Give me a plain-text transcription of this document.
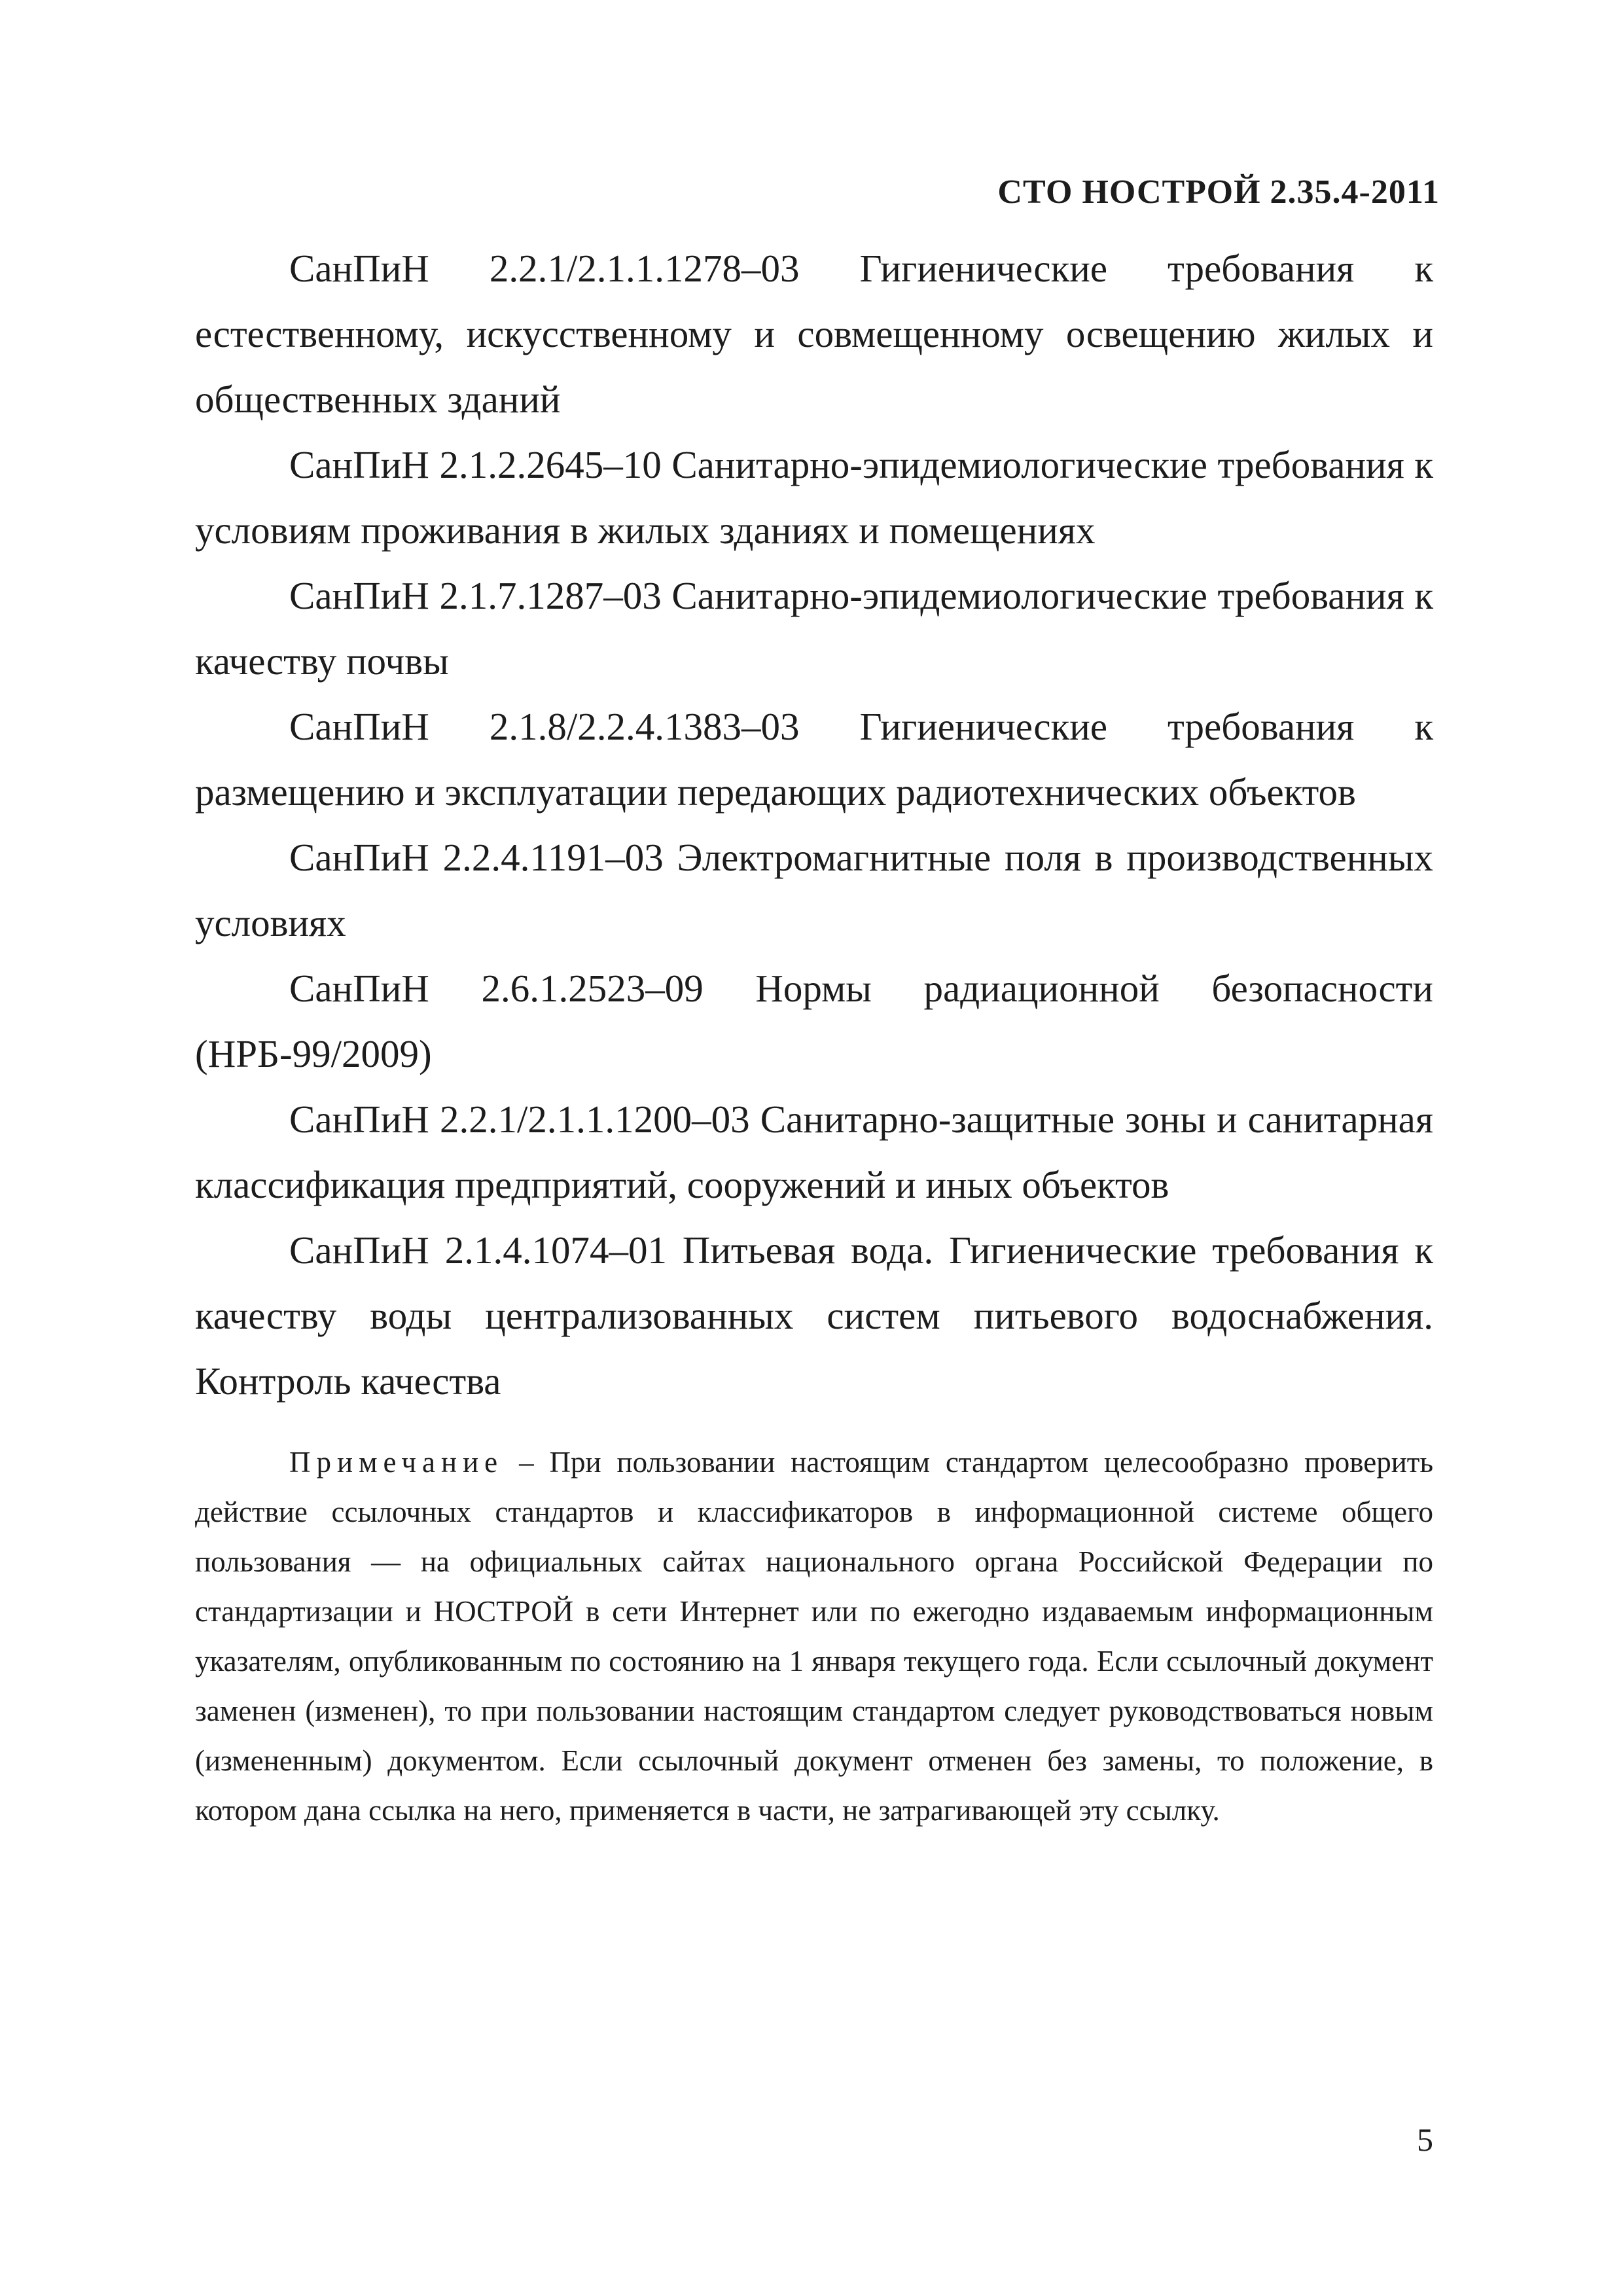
СТО НОСТРОЙ 2.35.4-2011

СанПиН 2.2.1/2.1.1.1278–03 Гигиенические требования к естественному, искусственному и совмещенному освещению жилых и общественных зданий

СанПиН 2.1.2.2645–10 Санитарно-эпидемиологические требования к условиям проживания в жилых зданиях и помещениях

СанПиН 2.1.7.1287–03 Санитарно-эпидемиологические требования к качеству почвы

СанПиН 2.1.8/2.2.4.1383–03 Гигиенические требования к размещению и эксплуатации передающих радиотехнических объектов

СанПиН 2.2.4.1191–03 Электромагнитные поля в производственных условиях

СанПиН 2.6.1.2523–09 Нормы радиационной безопасности (НРБ-99/2009)

СанПиН 2.2.1/2.1.1.1200–03 Санитарно-защитные зоны и санитарная классификация предприятий, сооружений и иных объектов

СанПиН 2.1.4.1074–01 Питьевая вода. Гигиенические требования к качеству воды централизованных систем питьевого водоснабжения. Контроль качества

Примечание – При пользовании настоящим стандартом целесообразно проверить действие ссылочных стандартов и классификаторов в информационной системе общего пользования — на официальных сайтах национального органа Российской Федерации по стандартизации и НОСТРОЙ в сети Интернет или по ежегодно издаваемым информационным указателям, опубликованным по состоянию на 1 января текущего года. Если ссылочный документ заменен (изменен), то при пользовании настоящим стандартом следует руководствоваться новым (измененным) документом. Если ссылочный документ отменен без замены, то положение, в котором дана ссылка на него, применяется в части, не затрагивающей эту ссылку.

5
